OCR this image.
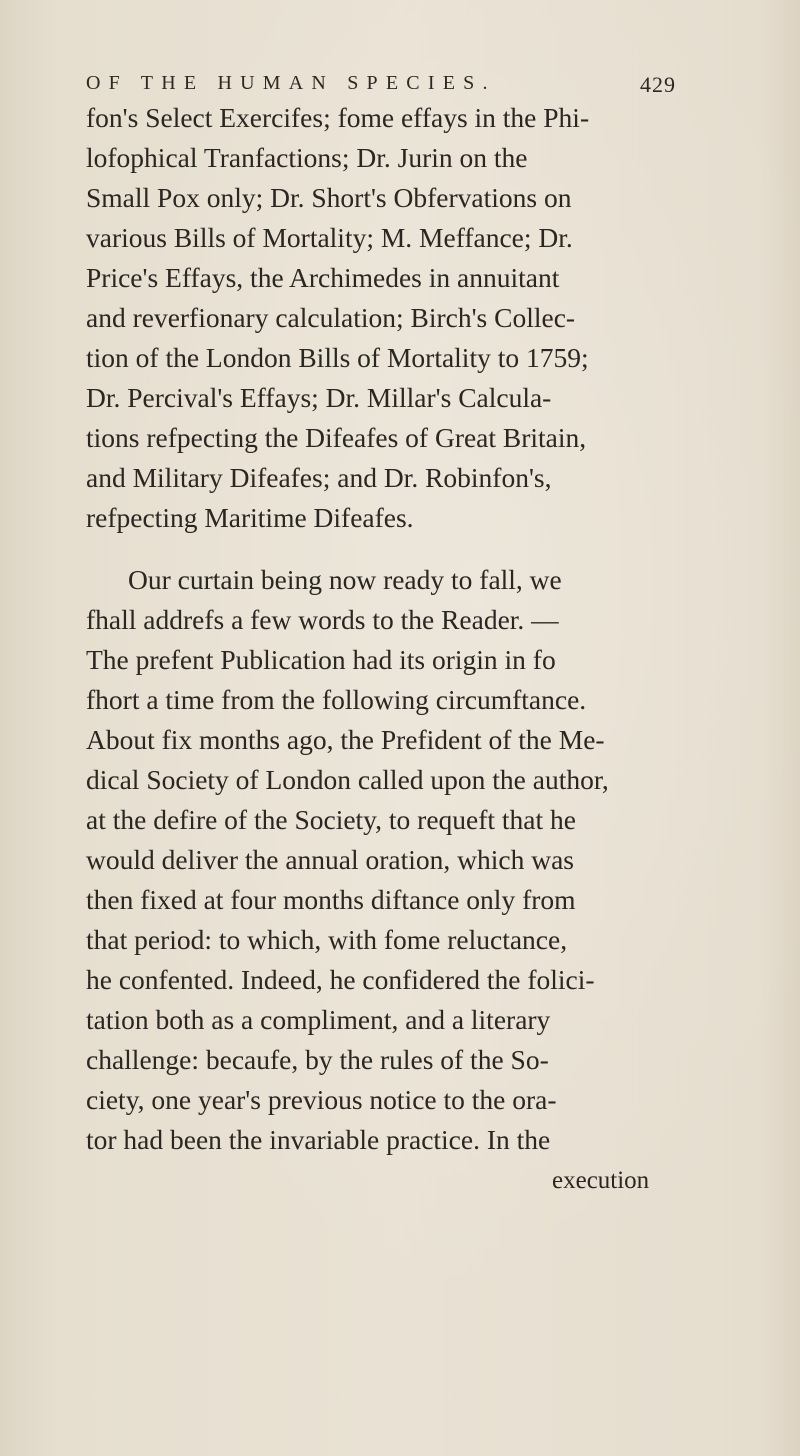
OF THE HUMAN SPECIES.	429
fon's Select Exercifes; fome effays in the Phi-
lofophical Tranfactions; Dr. Jurin on the
Small Pox only; Dr. Short's Obfervations on
various Bills of Mortality; M. Meffance; Dr.
Price's Effays, the Archimedes in annuitant
and reverfionary calculation; Birch's Collec-
tion of the London Bills of Mortality to 1759;
Dr. Percival's Effays; Dr. Millar's Calcula-
tions refpecting the Difeafes of Great Britain,
and Military Difeafes; and Dr. Robinfon's,
refpecting Maritime Difeafes.
Our curtain being now ready to fall, we
fhall addrefs a few words to the Reader. —
The prefent Publication had its origin in fo
fhort a time from the following circumftance.
About fix months ago, the Prefident of the Me-
dical Society of London called upon the author,
at the defire of the Society, to requeft that he
would deliver the annual oration, which was
then fixed at four months diftance only from
that period: to which, with fome reluctance,
he confented. Indeed, he confidered the folici-
tation both as a compliment, and a literary
challenge: becaufe, by the rules of the So-
ciety, one year's previous notice to the ora-
tor had been the invariable practice. In the
execution
